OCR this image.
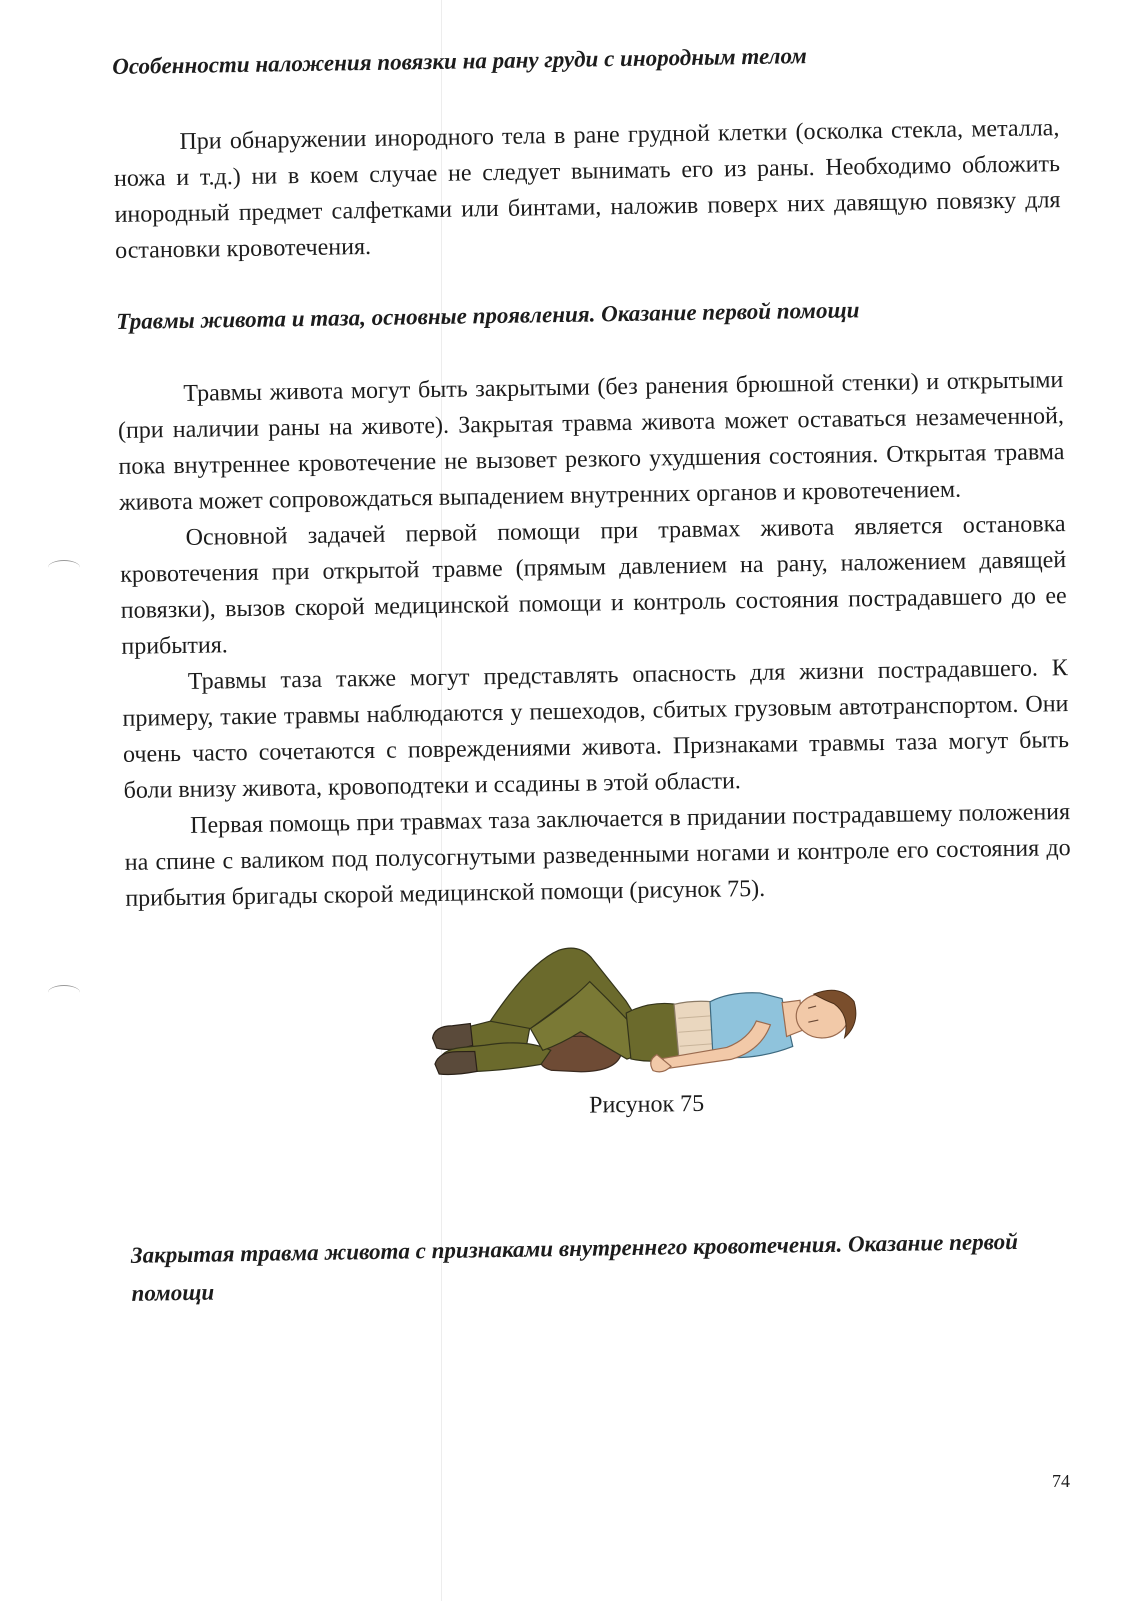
Особенности наложения повязки на рану груди с инородным телом

При обнаружении инородного тела в ране грудной клетки (осколка стекла, металла, ножа и т.д.) ни в коем случае не следует вынимать его из раны. Необходимо обложить инородный предмет салфетками или бинтами, наложив поверх них давящую повязку для остановки кровотечения.

Травмы живота и таза, основные проявления. Оказание первой помощи

Травмы живота могут быть закрытыми (без ранения брюшной стенки) и открытыми (при наличии раны на животе). Закрытая травма живота может оставаться незамеченной, пока внутреннее кровотечение не вызовет резкого ухудшения состояния. Открытая травма живота может сопровождаться выпадением внутренних органов и кровотечением.

Основной задачей первой помощи при травмах живота является остановка кровотечения при открытой травме (прямым давлением на рану, наложением давящей повязки), вызов скорой медицинской помощи и контроль состояния пострадавшего до ее прибытия.

Травмы таза также могут представлять опасность для жизни пострадавшего. К примеру, такие травмы наблюдаются у пешеходов, сбитых грузовым автотранспортом. Они очень часто сочетаются с повреждениями живота. Признаками травмы таза могут быть боли внизу живота, кровоподтеки и ссадины в этой области.

Первая помощь при травмах таза заключается в придании пострадавшему положения на спине с валиком под полусогнутыми разведенными ногами и контроле его состояния до прибытия бригады скорой медицинской помощи (рисунок 75).

Рисунок 75
Закрытая травма живота с признаками внутреннего кровотечения. Оказание первой помощи
74
